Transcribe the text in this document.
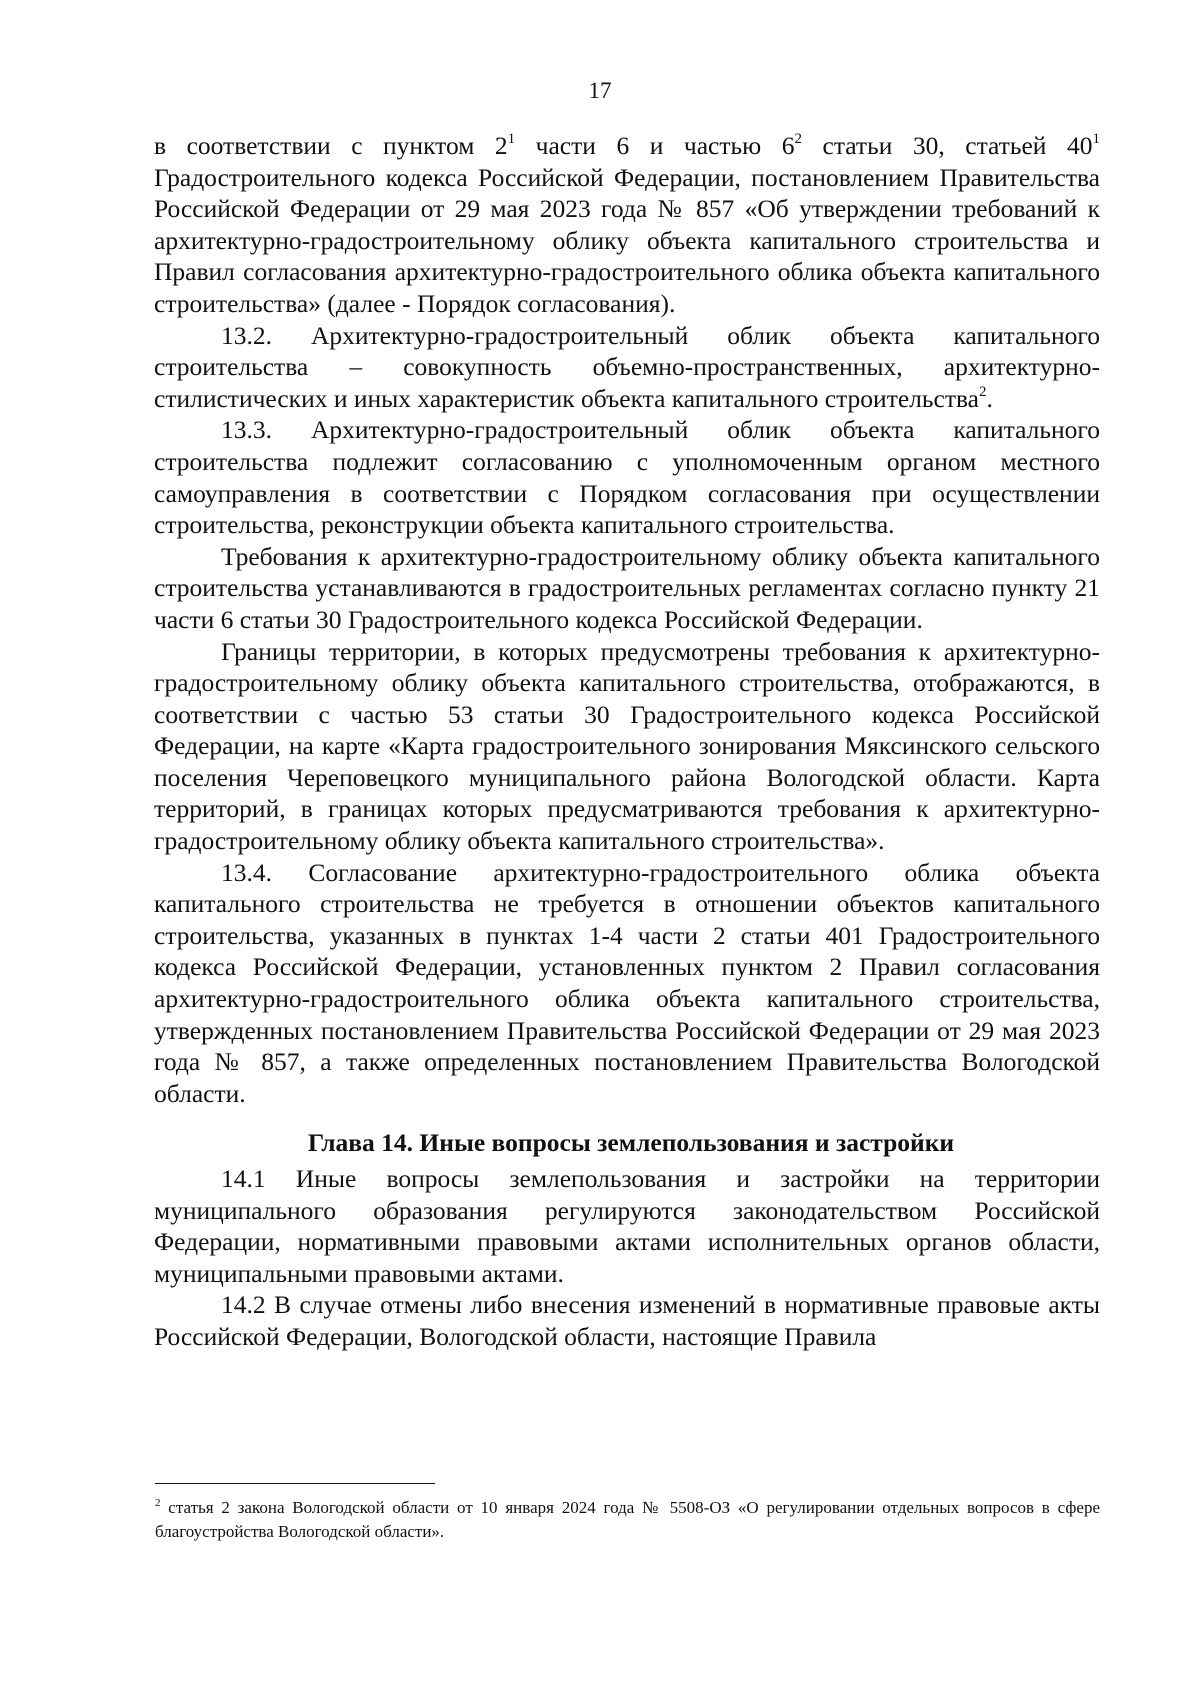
17

в соответствии с пунктом $2^1$ части 6 и частью $6^2$ статьи 30, статьей $40^1$ Градостроительного кодекса Российской Федерации, постановлением Правительства Российской Федерации от 29 мая 2023 года № 857 «Об утверждении требований к архитектурно-градостроительному облику объекта капитального строительства и Правил согласования архитектурно-градостроительного облика объекта капитального строительства» (далее - Порядок согласования).

13.2. Архитектурно-градостроительный облик объекта капитального строительства – совокупность объемно-пространственных, архитектурно-стилистических и иных характеристик объекта капитального строительства$^2$.

13.3. Архитектурно-градостроительный облик объекта капитального строительства подлежит согласованию с уполномоченным органом местного самоуправления в соответствии с Порядком согласования при осуществлении строительства, реконструкции объекта капитального строительства.

Требования к архитектурно-градостроительному облику объекта капитального строительства устанавливаются в градостроительных регламентах согласно пункту 21 части 6 статьи 30 Градостроительного кодекса Российской Федерации.

Границы территории, в которых предусмотрены требования к архитектурно-градостроительному облику объекта капитального строительства, отображаются, в соответствии с частью 53 статьи 30 Градостроительного кодекса Российской Федерации, на карте «Карта градостроительного зонирования Мяксинского сельского поселения Череповецкого муниципального района Вологодской области. Карта территорий, в границах которых предусматриваются требования к архитектурно-градостроительному облику объекта капитального строительства».

13.4. Согласование архитектурно-градостроительного облика объекта капитального строительства не требуется в отношении объектов капитального строительства, указанных в пунктах 1-4 части 2 статьи 401 Градостроительного кодекса Российской Федерации, установленных пунктом 2 Правил согласования архитектурно-градостроительного облика объекта капитального строительства, утвержденных постановлением Правительства Российской Федерации от 29 мая 2023 года № 857, а также определенных постановлением Правительства Вологодской области.

Глава 14. Иные вопросы землепользования и застройки

14.1 Иные вопросы землепользования и застройки на территории муниципального образования регулируются законодательством Российской Федерации, нормативными правовыми актами исполнительных органов области, муниципальными правовыми актами.

14.2 В случае отмены либо внесения изменений в нормативные правовые акты Российской Федерации, Вологодской области, настоящие Правила

$^2$ статья 2 закона Вологодской области от 10 января 2024 года № 5508-ОЗ «О регулировании отдельных вопросов в сфере благоустройства Вологодской области».
